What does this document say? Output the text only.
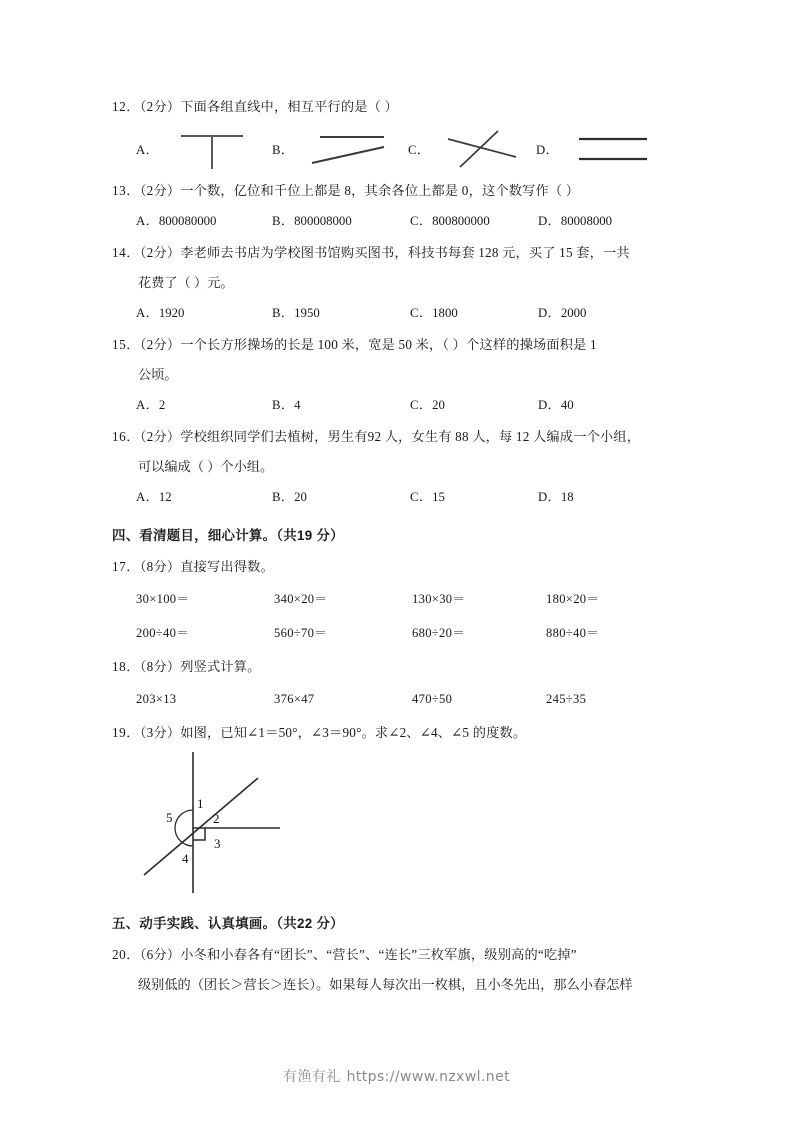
12．（2分）下面各组直线中，相互平行的是（ ）
A．	B．	C．	D．
13．（2分）一个数，亿位和千位上都是 8，其余各位上都是 0，这个数写作（ ）
A．800080000	B．800008000	C．800800000	D．80008000
14．（2分）李老师去书店为学校图书馆购买图书，科技书每套 128 元，买了 15 套，一共
花费了（ ）元。
A．1920	B．1950	C．1800	D．2000
15．（2分）一个长方形操场的长是 100 米，宽是 50 米，（ ）个这样的操场面积是 1
公顷。
A．2	B．4	C．20	D．40
16．（2分）学校组织同学们去植树，男生有92 人，女生有 88 人，每 12 人编成一个小组，
可以编成（ ）个小组。
A．12	B．20	C．15	D．18
四、看清题目，细心计算。（共19 分）
17．（8分）直接写出得数。
30×100＝	340×20＝	130×30＝	180×20＝
200÷40＝	560÷70＝	680÷20＝	880÷40＝
18．（8分）列竖式计算。
203×13	376×47	470÷50	245÷35
19．（3分）如图，已知∠1＝50°，∠3＝90°。求∠2、∠4、∠5 的度数。
1
2
3
4
5
五、动手实践、认真填画。（共22 分）
20．（6分）小冬和小春各有“团长”、“营长”、“连长”三枚军旗，级别高的“吃掉”
级别低的（团长＞营长＞连长）。如果每人每次出一枚棋，且小冬先出，那么小春怎样
有渔有礼 https://www.nzxwl.net
